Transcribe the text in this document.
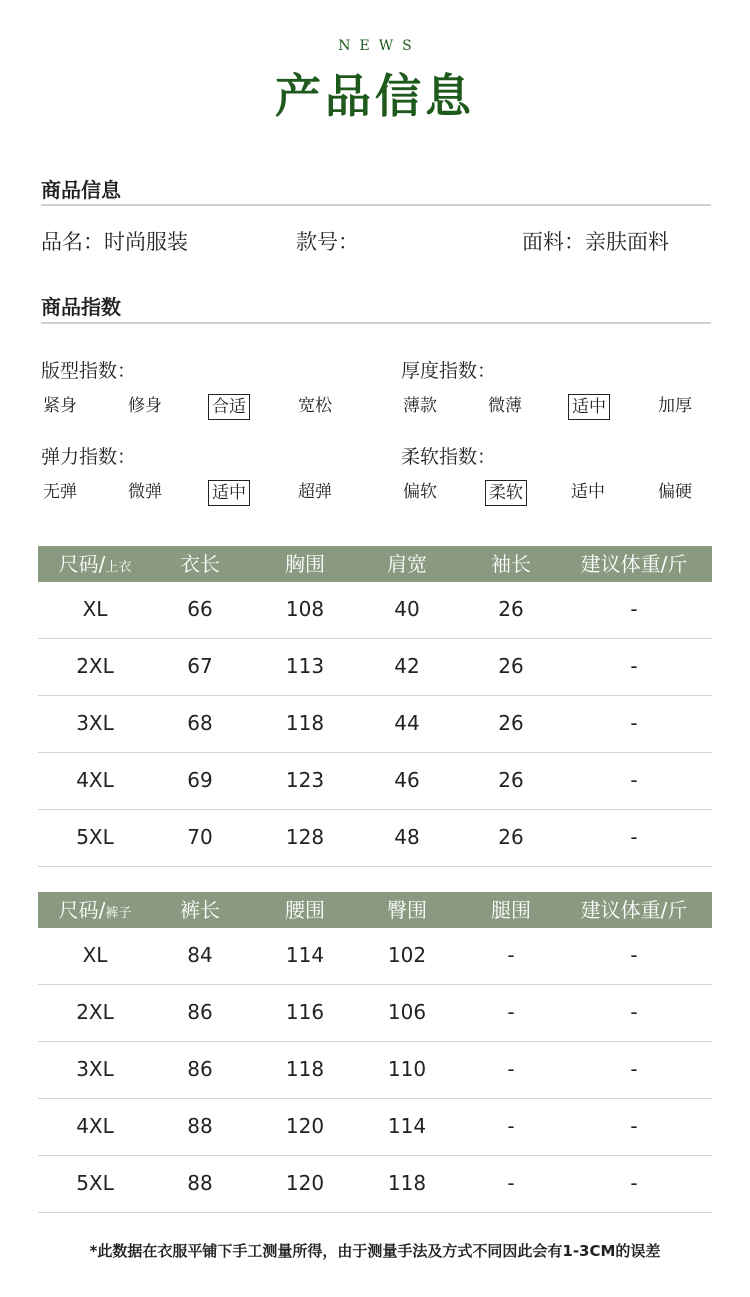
NEWS
产品信息
商品信息
品名：时尚服装	款号：	面料：亲肤面料
商品指数
版型指数：
紧身	修身	合适	宽松
厚度指数：
薄款	微薄	适中	加厚
弹力指数：
无弹	微弹	适中	超弹
柔软指数：
偏软	柔软	适中	偏硬
尺码/上衣	衣长	胸围	肩宽	袖长	建议体重/斤
XL	66	108	40	26	-
2XL	67	113	42	26	-
3XL	68	118	44	26	-
4XL	69	123	46	26	-
5XL	70	128	48	26	-
尺码/裤子	裤长	腰围	臀围	腿围	建议体重/斤
XL	84	114	102	-	-
2XL	86	116	106	-	-
3XL	86	118	110	-	-
4XL	88	120	114	-	-
5XL	88	120	118	-	-
*此数据在衣服平铺下手工测量所得，由于测量手法及方式不同因此会有1-3CM的误差
